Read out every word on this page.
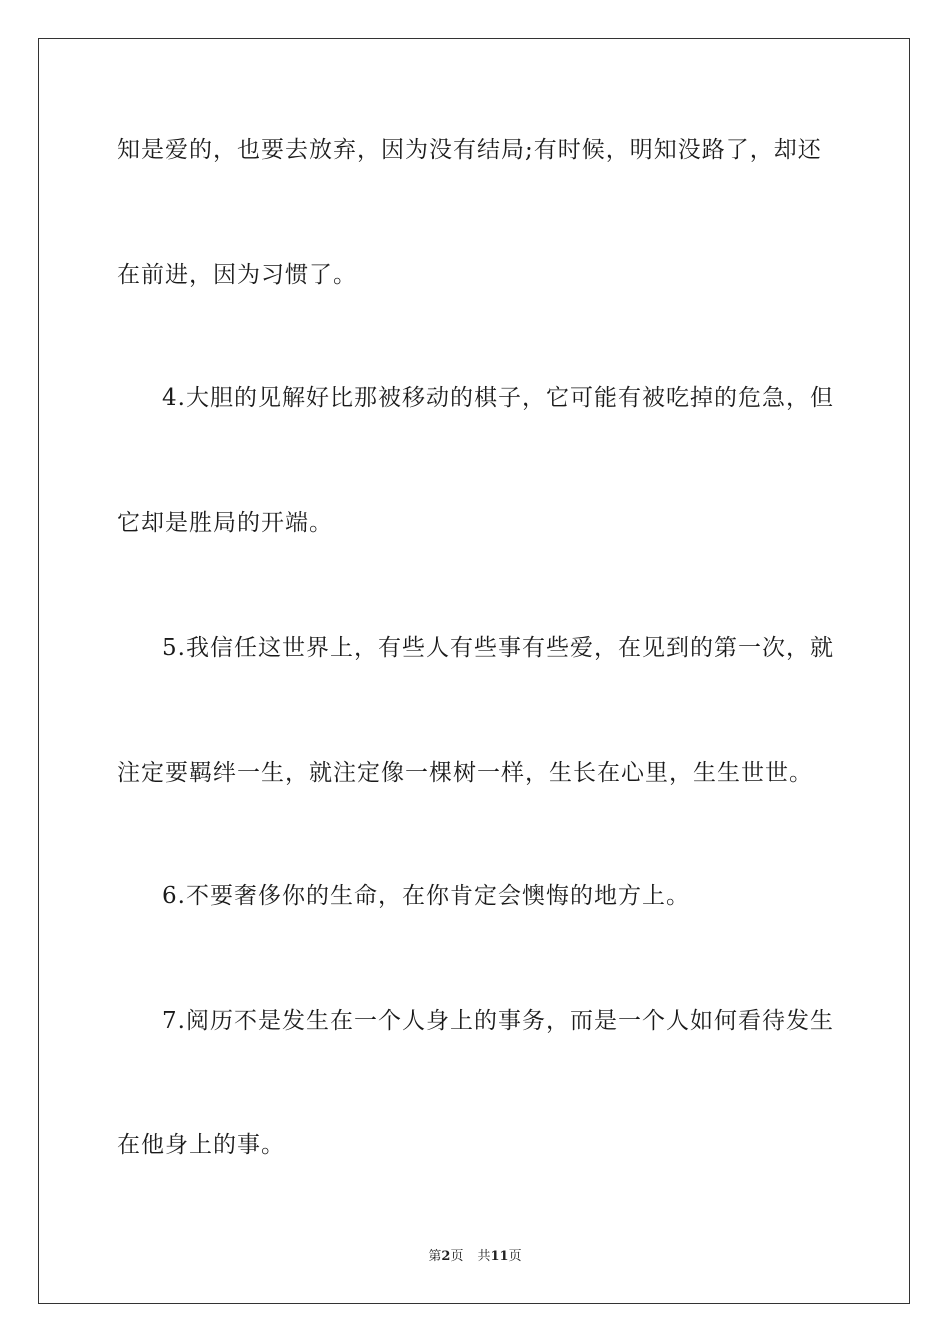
知是爱的，也要去放弃，因为没有结局;有时候，明知没路了，却还
在前进，因为习惯了。
4.大胆的见解好比那被移动的棋子，它可能有被吃掉的危急，但
它却是胜局的开端。
5.我信任这世界上，有些人有些事有些爱，在见到的第一次，就
注定要羁绊一生，就注定像一棵树一样，生长在心里，生生世世。
6.不要奢侈你的生命，在你肯定会懊悔的地方上。
7.阅历不是发生在一个人身上的事务，而是一个人如何看待发生
在他身上的事。
第2页 共11页
